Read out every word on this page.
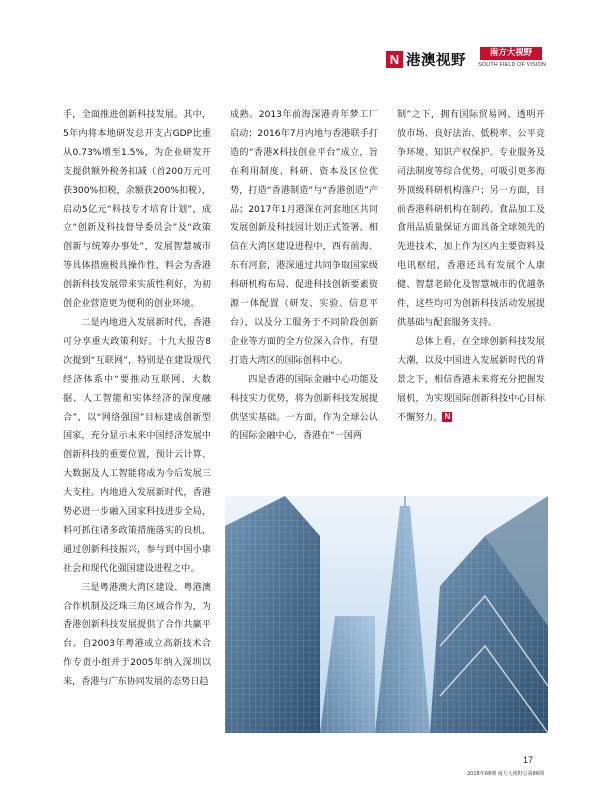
N 港澳视野	南方大视野
SOUTH FIELD OF VISION

手，全面推进创新科技发展。其中，5年内将本地研发总开支占GDP比重从0.73%增至1.5%，为企业研发开支提供额外税务扣减（首200万元可获300%扣税，余额获200%扣税），启动5亿元“科技专才培育计划”，成立“创新及科技督导委员会”及“政策创新与统筹办事处”，发展智慧城市等具体措施极具操作性，料会为香港创新科技发展带来实质性利好，为初创企业营造更为便利的创业环境。

二是内地进入发展新时代，香港可分享重大政策利好。十九大报告8次提到“互联网”，特别是在建设现代经济体系中“要推动互联网、大数据、人工智能和实体经济的深度融合”，以“网络强国”目标建成创新型国家，充分显示未来中国经济发展中创新科技的重要位置，预计云计算、大数据及人工智能将成为今后发展三大支柱。内地进入发展新时代，香港势必进一步融入国家科技进步全局，料可抓住诸多政策措施落实的良机，通过创新科技振兴，参与到中国小康社会和现代化强国建设进程之中。

三是粤港澳大湾区建设、粤港澳合作机制及泛珠三角区域合作为，为香港创新科技发展提供了合作共赢平台。自2003年粤港成立高新技术合作专责小组并于2005年纳入深圳以来，香港与广东协同发展的态势日趋

成熟。2013年前海深港青年梦工厂启动；2016年7月内地与香港联手打造的“香港X科技创业平台”成立，旨在利用制度、科研、资本及区位优势，打造“香港制造”与“香港创造”产品；2017年1月港深在河套地区共同发展创新及科技园计划正式签署。相信在大湾区建设进程中，西有前海、东有河套，港深通过共同争取国家级科研机构布局、促进科技创新要素资源一体配置（研发、实验、信息平台），以及分工服务于不同阶段创新企业等方面的全方位深入合作，有望打造大湾区的国际创科中心。

四是香港的国际金融中心功能及科技实力优势，将为创新科技发展提供坚实基础。一方面，作为全球公认的国际金融中心，香港在“一国两

制”之下，拥有国际贸易网、透明开放市场、良好法治、低税率、公平竞争环境、知识产权保护、专业服务及司法制度等综合优势，可吸引更多海外顶级科研机构落户；另一方面，目前香港科研机构在制药、食品加工及食用品质量保证方面具备全球领先的先进技术，加上作为区内主要资料及电讯枢纽，香港还具有发展个人康健、智慧老龄化及智慧城市的优越条件，这些均可为创新科技活动发展提供基础与配套服务支持。

总体上看，在全球创新科技发展大潮，以及中国进入发展新时代的背景之下，相信香港未来将充分把握发展机，为实现国际创新科技中心目标不懈努力。 N

17
2018年09期 南方大视野总第86期
